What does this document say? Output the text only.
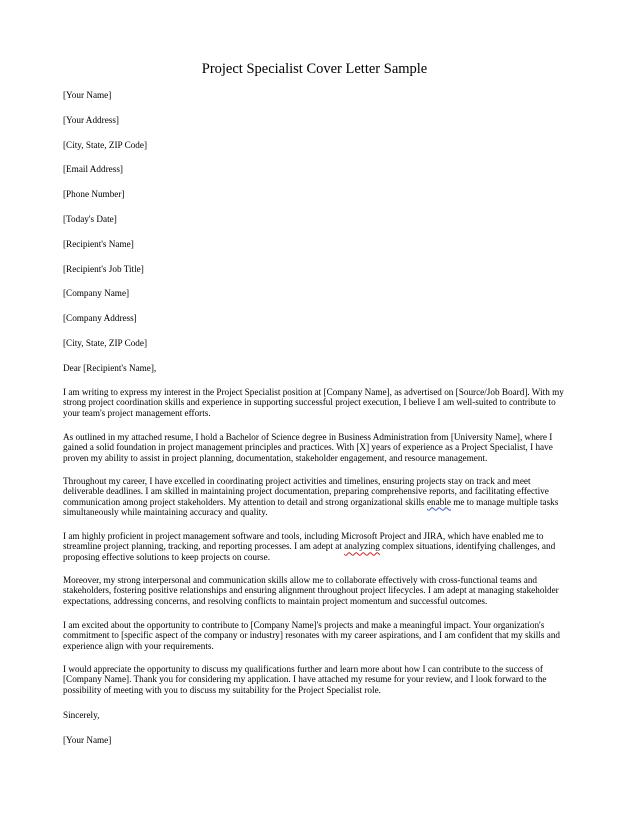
Project Specialist Cover Letter Sample
[Your Name]
[Your Address]
[City, State, ZIP Code]
[Email Address]
[Phone Number]
[Today's Date]
[Recipient's Name]
[Recipient's Job Title]
[Company Name]
[Company Address]
[City, State, ZIP Code]
Dear [Recipient's Name],
I am writing to express my interest in the Project Specialist position at [Company Name], as advertised on [Source/Job Board]. With my strong project coordination skills and experience in supporting successful project execution, I believe I am well-suited to contribute to your team's project management efforts.
As outlined in my attached resume, I hold a Bachelor of Science degree in Business Administration from [University Name], where I gained a solid foundation in project management principles and practices. With [X] years of experience as a Project Specialist, I have proven my ability to assist in project planning, documentation, stakeholder engagement, and resource management.
Throughout my career, I have excelled in coordinating project activities and timelines, ensuring projects stay on track and meet deliverable deadlines. I am skilled in maintaining project documentation, preparing comprehensive reports, and facilitating effective communication among project stakeholders. My attention to detail and strong organizational skills enable me to manage multiple tasks simultaneously while maintaining accuracy and quality.
I am highly proficient in project management software and tools, including Microsoft Project and JIRA, which have enabled me to streamline project planning, tracking, and reporting processes. I am adept at analyzing complex situations, identifying challenges, and proposing effective solutions to keep projects on course.
Moreover, my strong interpersonal and communication skills allow me to collaborate effectively with cross-functional teams and stakeholders, fostering positive relationships and ensuring alignment throughout project lifecycles. I am adept at managing stakeholder expectations, addressing concerns, and resolving conflicts to maintain project momentum and successful outcomes.
I am excited about the opportunity to contribute to [Company Name]'s projects and make a meaningful impact. Your organization's commitment to [specific aspect of the company or industry] resonates with my career aspirations, and I am confident that my skills and experience align with your requirements.
I would appreciate the opportunity to discuss my qualifications further and learn more about how I can contribute to the success of [Company Name]. Thank you for considering my application. I have attached my resume for your review, and I look forward to the possibility of meeting with you to discuss my suitability for the Project Specialist role.
Sincerely,
[Your Name]
